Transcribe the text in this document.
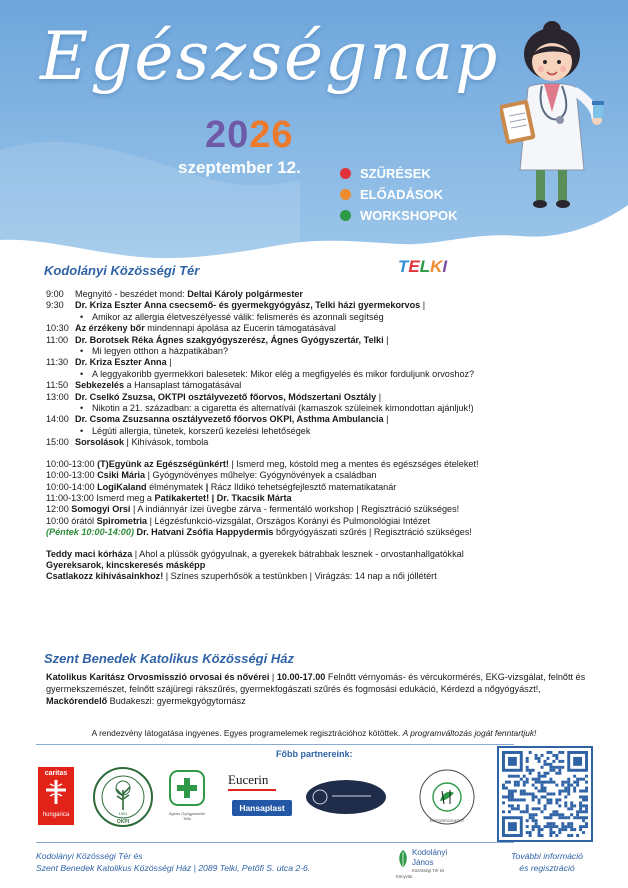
Egészségnap
2026
szeptember 12.	SZŰRÉSEK
ELŐADÁSOK
WORKSHOPOK
Kodolányi Közösségi Tér	TELKI
9:00	Megnyitó - beszédet mond: Deltai Károly polgármester
9:30	Dr. Kriza Eszter Anna csecsemő- és gyermekgyógyász, Telki házi gyermekorvos |
• Amikor az allergia életveszélyessé válik: felismerés és azonnali segítség
10:30 Az érzékeny bőr mindennapi ápolása az Eucerin támogatásával
11:00 Dr. Borotsek Réka Ágnes szakgyógyszerész, Ágnes Gyógyszertár, Telki |
• Mi legyen otthon a házpatikában?
11:30 Dr. Kriza Eszter Anna |
• A leggyakoribb gyermekkori balesetek: Mikor elég a megfigyelés és mikor forduljunk orvoshoz?
11:50 Sebkezelés a Hansaplast támogatásával
13:00 Dr. Cselkó Zsuzsa, OKTPI osztályvezető főorvos, Módszertani Osztály |
• Nikotin a 21. században: a cigaretta és alternatívái (kamaszok szüleinek kimondottan ajánljuk!)
14:00 Dr. Csoma Zsuzsanna osztályvezető főorvos OKPI, Asthma Ambulancia |
• Légúti allergia, tünetek, korszerű kezelési lehetőségek
15:00 Sorsolások | Kihívások, tombola
10:00-13:00 (T)Együnk az Egészségünkért! | Ismerd meg, kóstold meg a mentes és egészséges ételeket!
10:00-13:00 Csiki Mária | Gyógynövényes műhelye: Gyógynövények a családban
10:00-14:00 LogiKaland élménymatek | Rácz Ildikó tehetségfejlesztő matematikatanár
11:00-13:00 Ismerd meg a Patikakertet! | Dr. Tkacsik Márta
12:00 Somogyi Orsi | A indiánnyár ízei üvegbe zárva - fermentáló workshop | Regisztráció szükséges!
10:00 órától Spirometria | Légzésfunkció-vizsgálat, Országos Korányi és Pulmonológiai Intézet
(Péntek 10:00-14:00) Dr. Hatvani Zsófia Happydermis bőrgyógyászati szűrés | Regisztráció szükséges!
Teddy maci kórháza | Ahol a plüssök gyógyulnak, a gyerekek bátrabbak lesznek - orvostanhallgatókkal
Gyereksarok, kincskeresés másképp
Csatlakozz kihívásainkhoz! | Színes szuperhősök a testünkben | Virágzás: 14 nap a női jóllétért
Szent Benedek Katolikus Közösségi Ház
Katolikus Karitász Orvosmisszió orvosai és nővérei | 10.00-17.00 Felnőtt vérnyomás- és vércukormérés, EKG-vizsgálat, felnőtt és gyermekszemészet, felnőtt szájüregi rákszűrés, gyermekfogászati szűrés és fogmosási edukáció, Kérdezd a nőgyógyászt!, Mackórendelő Budakeszi: gyermekgyógytornász
A rendezvény látogatása ingyenes. Egyes programelemek regisztrációhoz kötöttek. A programváltozás jogát fenntartjuk!
Főbb partnereink:
caritas
hungarica	1901
OKPI
Ágnes Gyógyszertár Telki
Eucerin
Hansaplast
EGÉSZSÉGÜNKÉRT
Kodolányi Közösségi Tér és
Szent Benedek Katolikus Közösségi Ház | 2089 Telki, Petőfi S. utca 2-6.
Kodolányi János
Közösségi Tér és Könyvtár
További információ
és regisztráció
